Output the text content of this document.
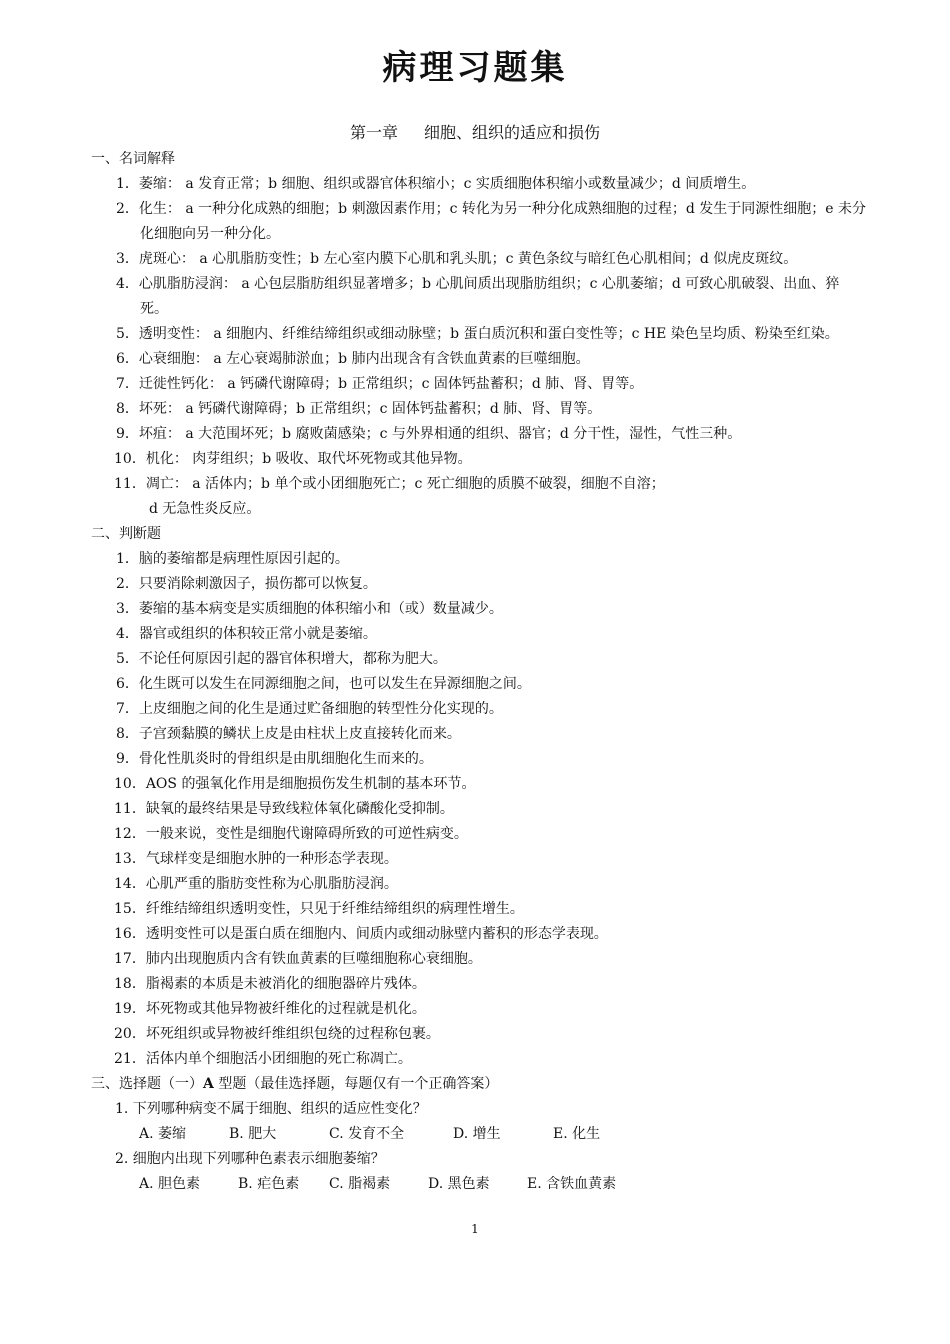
病理习题集
第一章 细胞、组织的适应和损伤

一、名词解释

1．萎缩： a 发育正常；b 细胞、组织或器官体积缩小；c 实质细胞体积缩小或数量减少；d 间质增生。

2．化生： a 一种分化成熟的细胞；b 刺激因素作用；c 转化为另一种分化成熟细胞的过程；d 发生于同源性细胞；e 未分化细胞向另一种分化。

3．虎斑心： a 心肌脂肪变性；b 左心室内膜下心肌和乳头肌；c 黄色条纹与暗红色心肌相间；d 似虎皮斑纹。

4．心肌脂肪浸润： a 心包层脂肪组织显著增多；b 心肌间质出现脂肪组织；c 心肌萎缩；d 可致心肌破裂、出血、猝死。

5．透明变性： a 细胞内、纤维结缔组织或细动脉壁；b 蛋白质沉积和蛋白变性等；c HE 染色呈均质、粉染至红染。

6．心衰细胞： a 左心衰竭肺淤血；b 肺内出现含有含铁血黄素的巨噬细胞。

7．迁徙性钙化： a 钙磷代谢障碍；b 正常组织；c 固体钙盐蓄积；d 肺、肾、胃等。

8．坏死： a 钙磷代谢障碍；b 正常组织；c 固体钙盐蓄积；d 肺、肾、胃等。

9．坏疽： a 大范围坏死；b 腐败菌感染；c 与外界相通的组织、器官；d 分干性，湿性，气性三种。

10．机化： 肉芽组织；b 吸收、取代坏死物或其他异物。

11．凋亡： a 活体内；b 单个或小团细胞死亡；c 死亡细胞的质膜不破裂，细胞不自溶；

d 无急性炎反应。

二、判断题

1．脑的萎缩都是病理性原因引起的。

2．只要消除刺激因子，损伤都可以恢复。

3．萎缩的基本病变是实质细胞的体积缩小和（或）数量减少。

4．器官或组织的体积较正常小就是萎缩。

5．不论任何原因引起的器官体积增大，都称为肥大。

6．化生既可以发生在同源细胞之间，也可以发生在异源细胞之间。

7．上皮细胞之间的化生是通过贮备细胞的转型性分化实现的。

8．子宫颈黏膜的鳞状上皮是由柱状上皮直接转化而来。

9．骨化性肌炎时的骨组织是由肌细胞化生而来的。

10．AOS 的强氧化作用是细胞损伤发生机制的基本环节。

11．缺氧的最终结果是导致线粒体氧化磷酸化受抑制。

12．一般来说，变性是细胞代谢障碍所致的可逆性病变。

13．气球样变是细胞水肿的一种形态学表现。

14．心肌严重的脂肪变性称为心肌脂肪浸润。

15．纤维结缔组织透明变性，只见于纤维结缔组织的病理性增生。

16．透明变性可以是蛋白质在细胞内、间质内或细动脉壁内蓄积的形态学表现。

17．肺内出现胞质内含有铁血黄素的巨噬细胞称心衰细胞。

18．脂褐素的本质是未被消化的细胞器碎片残体。

19．坏死物或其他异物被纤维化的过程就是机化。

20．坏死组织或异物被纤维组织包绕的过程称包裹。

21．活体内单个细胞活小团细胞的死亡称凋亡。

三、选择题（一）A 型题（最佳选择题，每题仅有一个正确答案）

1. 下列哪种病变不属于细胞、组织的适应性变化？

A. 萎缩	B. 肥大	C. 发育不全	D. 增生	E. 化生

2. 细胞内出现下列哪种色素表示细胞萎缩？

A. 胆色素	B. 疟色素 C. 脂褐素	D. 黑色素	E. 含铁血黄素

1
